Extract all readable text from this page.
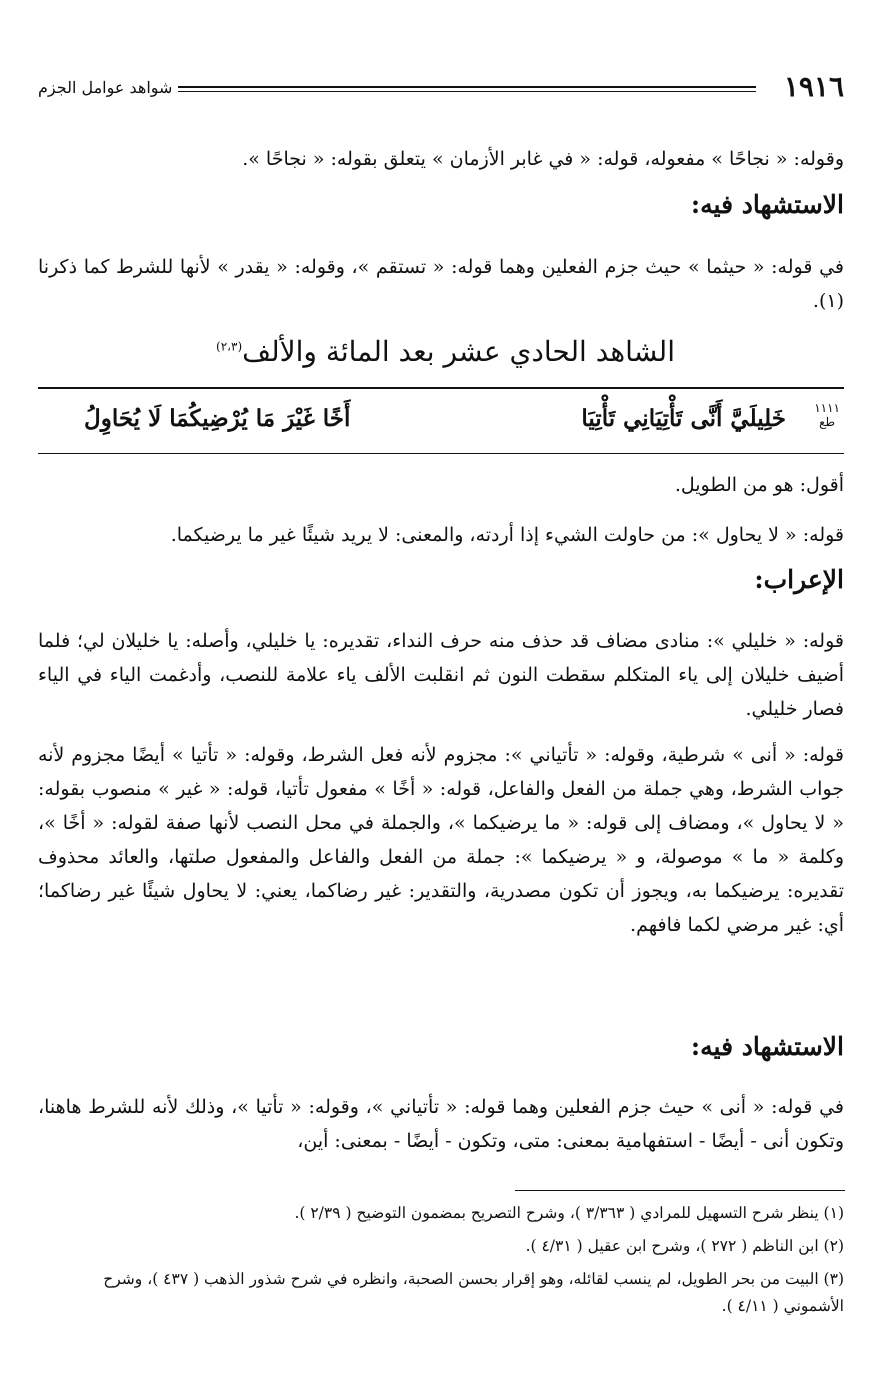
١٩١٦
شواهد عوامل الجزم
وقوله: « نجاحًا » مفعوله، قوله: « في غابر الأزمان » يتعلق بقوله: « نجاحًا ».
الاستشهاد فيه:
في قوله: « حيثما » حيث جزم الفعلين وهما قوله: « تستقم »، وقوله: « يقدر » لأنها للشرط كما ذكرنا (١).
الشاهد الحادي عشر بعد المائة والألف$^{(٢،٣)}$
١١١١
طع
خَلِيلَيَّ أَنَّى تَأْتِيَانِي تَأْتِيَا
أَخًا غَيْرَ مَا يُرْضِيكُمَا لَا يُحَاوِلُ
أقول: هو من الطويل.
قوله: « لا يحاول »: من حاولت الشيء إذا أردته، والمعنى: لا يريد شيئًا غير ما يرضيكما.
الإعراب:
قوله: « خليلي »: منادى مضاف قد حذف منه حرف النداء، تقديره: يا خليلي، وأصله: يا خليلان لي؛ فلما أضيف خليلان إلى ياء المتكلم سقطت النون ثم انقلبت الألف ياء علامة للنصب، وأدغمت الياء في الياء فصار خليلي.
قوله: « أنى » شرطية، وقوله: « تأتياني »: مجزوم لأنه فعل الشرط، وقوله: « تأتيا » أيضًا مجزوم لأنه جواب الشرط، وهي جملة من الفعل والفاعل، قوله: « أخًا » مفعول تأتيا، قوله: « غير » منصوب بقوله: « لا يحاول »، ومضاف إلى قوله: « ما يرضيكما »، والجملة في محل النصب لأنها صفة لقوله: « أخًا »، وكلمة « ما » موصولة، و « يرضيكما »: جملة من الفعل والفاعل والمفعول صلتها، والعائد محذوف تقديره: يرضيكما به، ويجوز أن تكون مصدرية، والتقدير: غير رضاكما، يعني: لا يحاول شيئًا غير رضاكما؛ أي: غير مرضي لكما فافهم.
الاستشهاد فيه:
في قوله: « أنى » حيث جزم الفعلين وهما قوله: « تأتياني »، وقوله: « تأتيا »، وذلك لأنه للشرط هاهنا، وتكون أنى - أيضًا - استفهامية بمعنى: متى، وتكون - أيضًا - بمعنى: أين،
(١) ينظر شرح التسهيل للمرادي ( ٣/٣٦٣ )، وشرح التصريح بمضمون التوضيح ( ٢/٣٩ ).
(٢) ابن الناظم ( ٢٧٢ )، وشرح ابن عقيل ( ٤/٣١ ).
(٣) البيت من بحر الطويل، لم ينسب لقائله، وهو إقرار بحسن الصحبة، وانظره في شرح شذور الذهب ( ٤٣٧ )، وشرح الأشموني ( ٤/١١ ).
